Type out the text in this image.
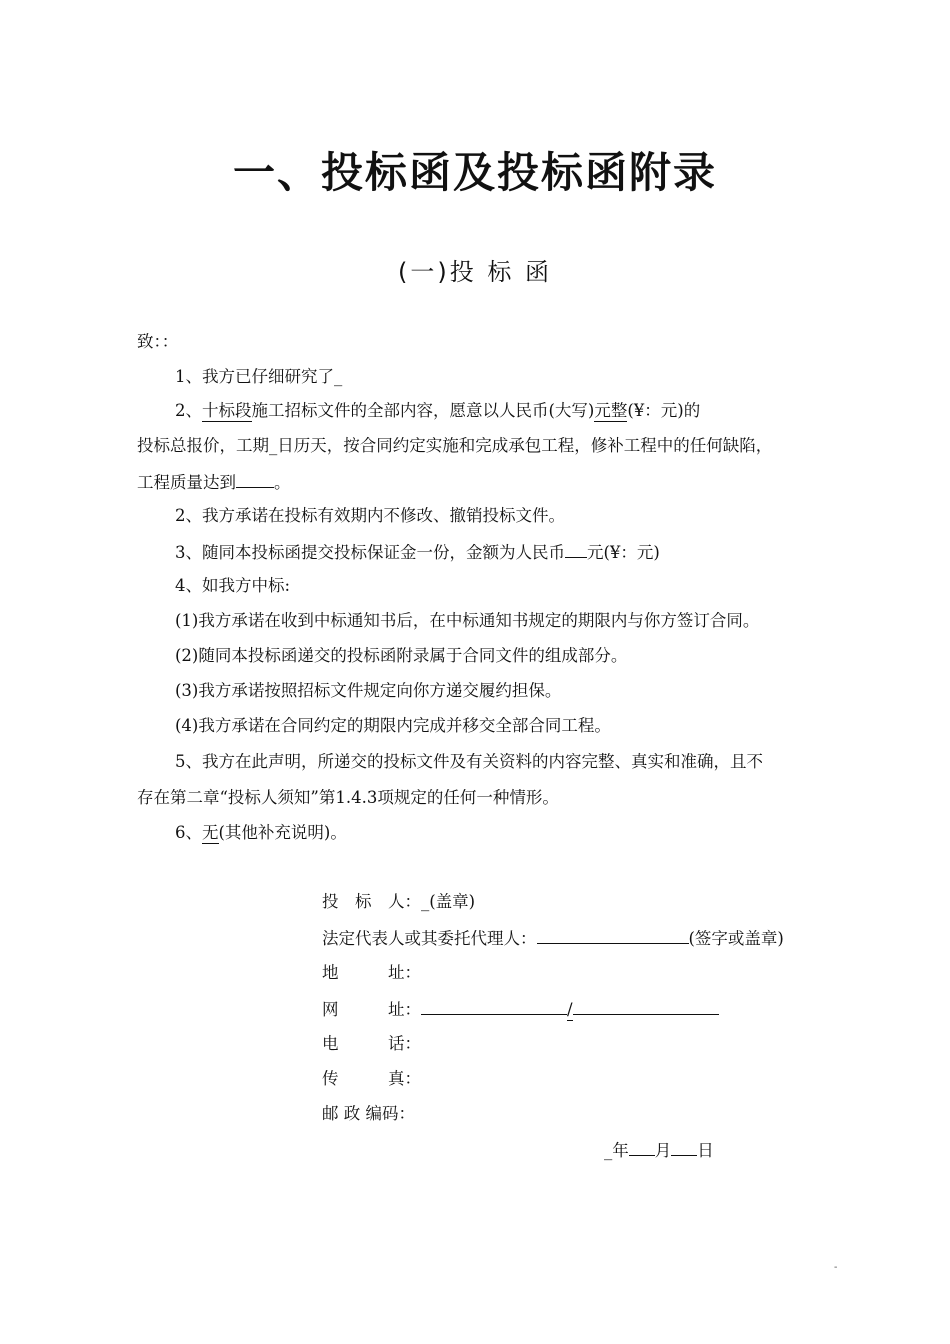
一、投标函及投标函附录
(一)投 标 函
致：：
1、我方已仔细研究了_
2、十标段施工招标文件的全部内容，愿意以人民币(大写)元整(¥：元)的
投标总报价，工期_日历天，按合同约定实施和完成承包工程，修补工程中的任何缺陷，
工程质量达到 。
2、我方承诺在投标有效期内不修改、撤销投标文件。
3、随同本投标函提交投标保证金一份，金额为人民币 元(¥：元)
4、如我方中标:
(1)我方承诺在收到中标通知书后，在中标通知书规定的期限内与你方签订合同。
(2)随同本投标函递交的投标函附录属于合同文件的组成部分。
(3)我方承诺按照招标文件规定向你方递交履约担保。
(4)我方承诺在合同约定的期限内完成并移交全部合同工程。
5、我方在此声明，所递交的投标文件及有关资料的内容完整、真实和准确，且不
存在第二章“投标人须知”第1.4.3项规定的任何一种情形。
6、无(其他补充说明)。
投　标　人：_(盖章)
法定代表人或其委托代理人：	(签字或盖章)
地　　　址：
网　　　址：	/
电　　　话：
传　　　真：
邮 政 编码：
_年 月 日
-
